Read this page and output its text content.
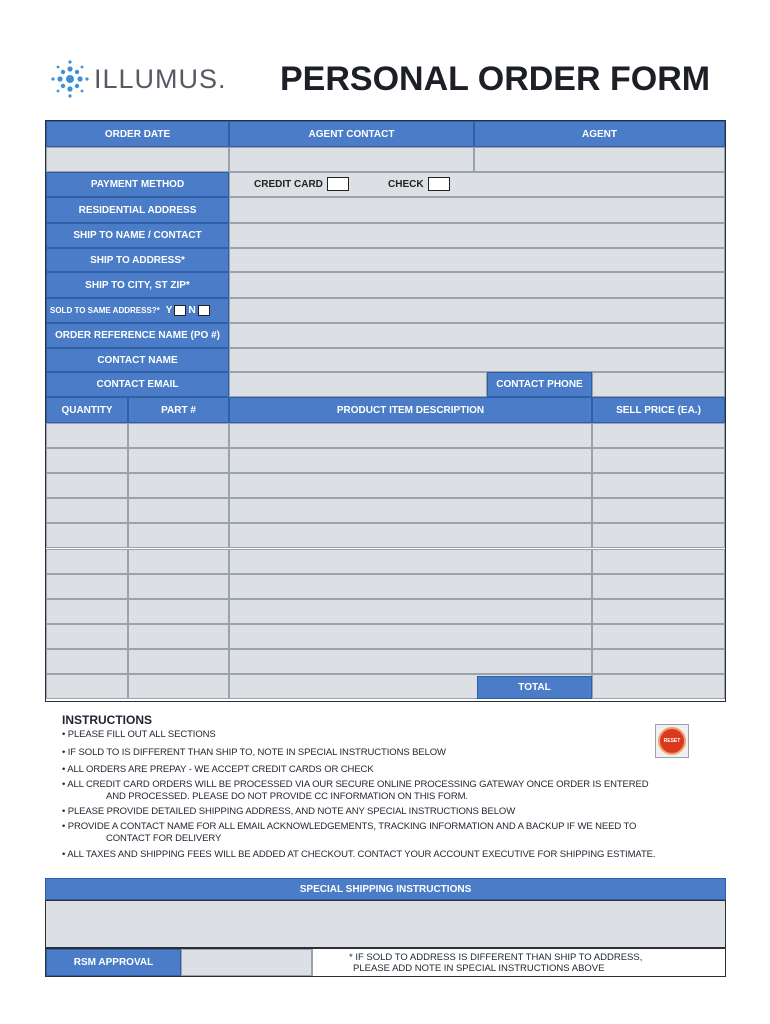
ILLUMUS. PERSONAL ORDER FORM
ORDER DATE	AGENT CONTACT	AGENT
PAYMENT METHOD	CREDIT CARD	CHECK
RESIDENTIAL ADDRESS
SHIP TO NAME / CONTACT
SHIP TO ADDRESS*
SHIP TO CITY, ST ZIP*
SOLD TO SAME ADDRESS?* Y N
ORDER REFERENCE NAME (PO #)
CONTACT NAME
CONTACT EMAIL	CONTACT PHONE
QUANTITY	PART #	PRODUCT ITEM DESCRIPTION	SELL PRICE (EA.)
TOTAL
INSTRUCTIONS
• PLEASE FILL OUT ALL SECTIONS
• IF SOLD TO IS DIFFERENT THAN SHIP TO, NOTE IN SPECIAL INSTRUCTIONS BELOW
• ALL ORDERS ARE PREPAY - WE ACCEPT CREDIT CARDS OR CHECK
• ALL CREDIT CARD ORDERS WILL BE PROCESSED VIA OUR SECURE ONLINE PROCESSING GATEWAY ONCE ORDER IS ENTERED
AND PROCESSED. PLEASE DO NOT PROVIDE CC INFORMATION ON THIS FORM.
• PLEASE PROVIDE DETAILED SHIPPING ADDRESS, AND NOTE ANY SPECIAL INSTRUCTIONS BELOW
• PROVIDE A CONTACT NAME FOR ALL EMAIL ACKNOWLEDGEMENTS, TRACKING INFORMATION AND A BACKUP IF WE NEED TO
CONTACT FOR DELIVERY
• ALL TAXES AND SHIPPING FEES WILL BE ADDED AT CHECKOUT. CONTACT YOUR ACCOUNT EXECUTIVE FOR SHIPPING ESTIMATE.
RESET
SPECIAL SHIPPING INSTRUCTIONS
RSM APPROVAL	* IF SOLD TO ADDRESS IS DIFFERENT THAN SHIP TO ADDRESS,
PLEASE ADD NOTE IN SPECIAL INSTRUCTIONS ABOVE
